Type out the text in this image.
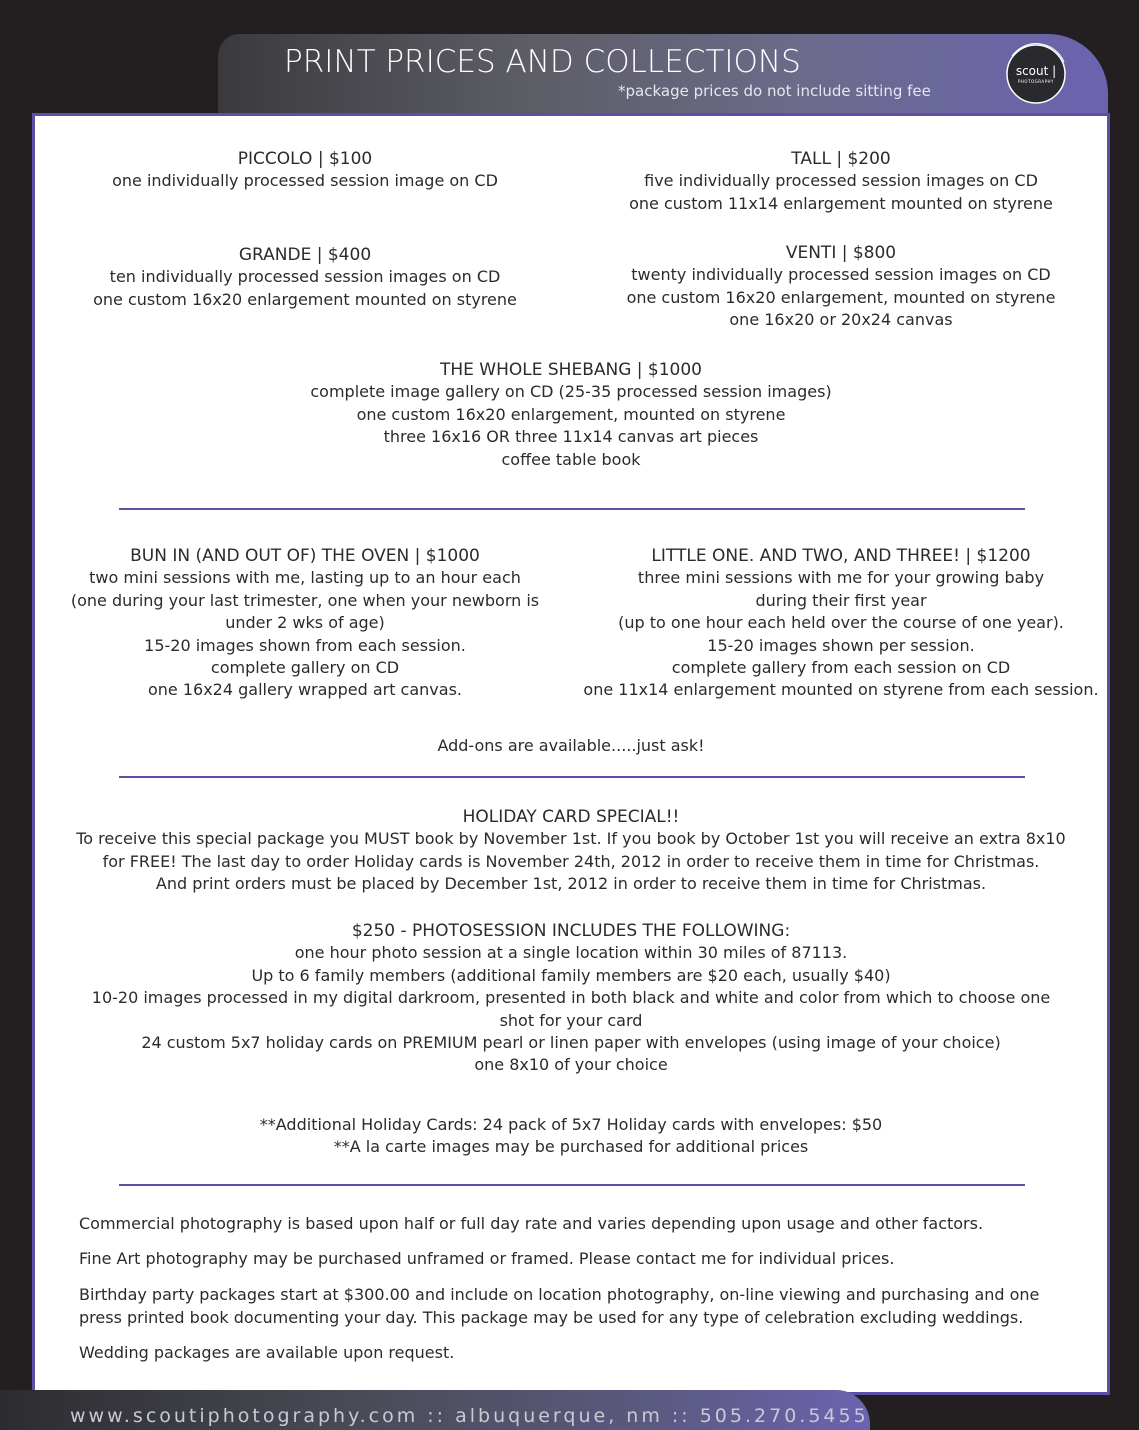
PRINT PRICES AND COLLECTIONS
*package prices do not include sitting fee
scout |
PHOTOGRAPHY
PICCOLO | $100
one individually processed session image on CD
TALL | $200
five individually processed session images on CD
one custom 11x14 enlargement mounted on styrene
GRANDE | $400
ten individually processed session images on CD
one custom 16x20 enlargement mounted on styrene
VENTI | $800
twenty individually processed session images on CD
one custom 16x20 enlargement, mounted on styrene
one 16x20 or 20x24 canvas
THE WHOLE SHEBANG | $1000
complete image gallery on CD (25-35 processed session images)
one custom 16x20 enlargement, mounted on styrene
three 16x16 OR three 11x14 canvas art pieces
coffee table book
BUN IN (AND OUT OF) THE OVEN | $1000
two mini sessions with me, lasting up to an hour each
(one during your last trimester, one when your newborn is
under 2 wks of age)
15-20 images shown from each session.
complete gallery on CD
one 16x24 gallery wrapped art canvas.
LITTLE ONE. AND TWO, AND THREE! | $1200
three mini sessions with me for your growing baby
during their first year
(up to one hour each held over the course of one year).
15-20 images shown per session.
complete gallery from each session on CD
one 11x14 enlargement mounted on styrene from each session.
Add-ons are available.....just ask!
HOLIDAY CARD SPECIAL!!
To receive this special package you MUST book by November 1st. If you book by October 1st you will receive an extra 8x10
for FREE! The last day to order Holiday cards is November 24th, 2012 in order to receive them in time for Christmas.
And print orders must be placed by December 1st, 2012 in order to receive them in time for Christmas.
$250 - PHOTOSESSION INCLUDES THE FOLLOWING:
one hour photo session at a single location within 30 miles of 87113.
Up to 6 family members (additional family members are $20 each, usually $40)
10-20 images processed in my digital darkroom, presented in both black and white and color from which to choose one
shot for your card
24 custom 5x7 holiday cards on PREMIUM pearl or linen paper with envelopes (using image of your choice)
one 8x10 of your choice
**Additional Holiday Cards: 24 pack of 5x7 Holiday cards with envelopes: $50
**A la carte images may be purchased for additional prices
Commercial photography is based upon half or full day rate and varies depending upon usage and other factors.
Fine Art photography may be purchased unframed or framed. Please contact me for individual prices.
Birthday party packages start at $300.00 and include on location photography, on-line viewing and purchasing and one
press printed book documenting your day. This package may be used for any type of celebration excluding weddings.
Wedding packages are available upon request.
www.scoutiphotography.com :: albuquerque, nm :: 505.270.5455
